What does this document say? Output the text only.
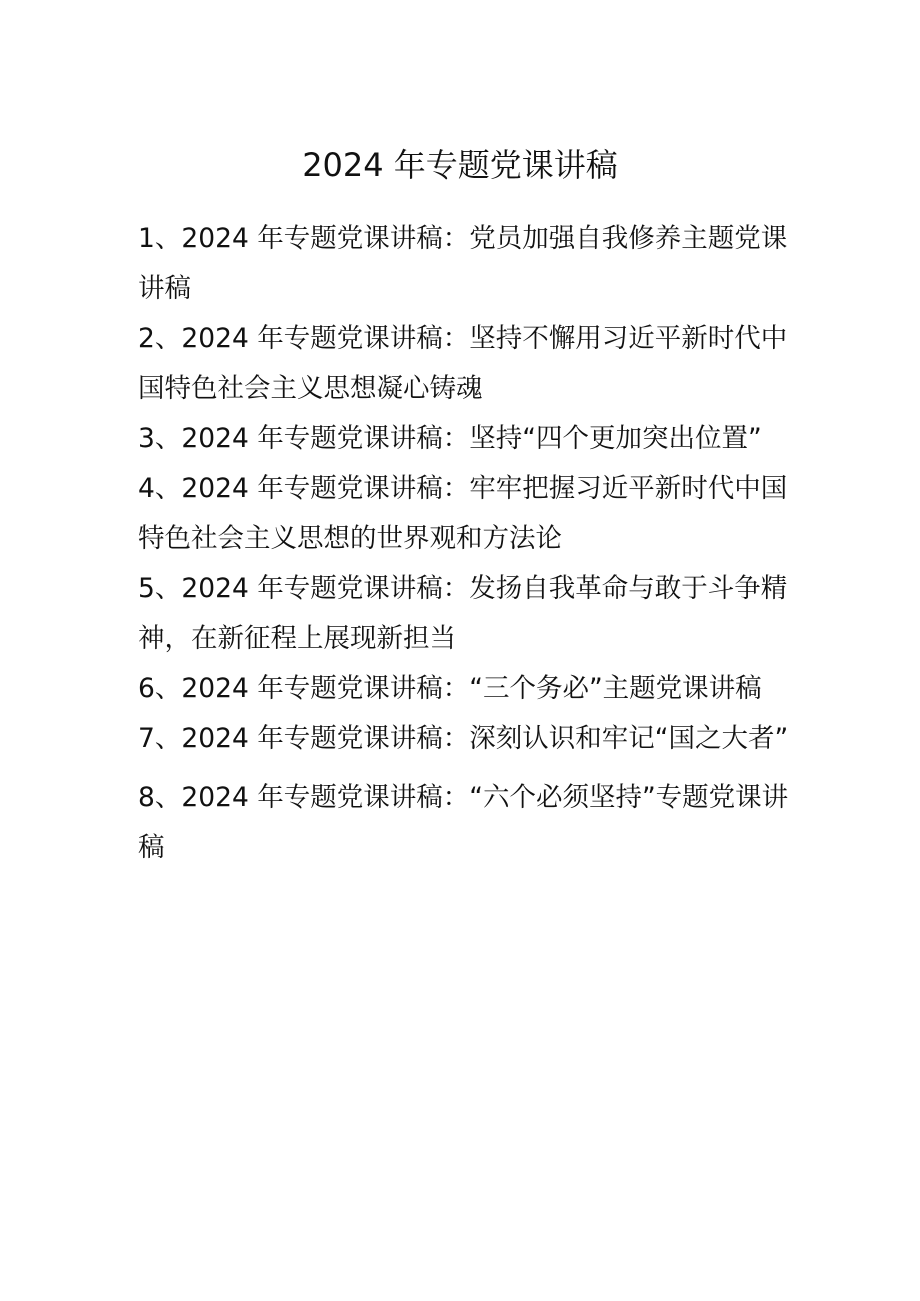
2024 年专题党课讲稿
1、2024 年专题党课讲稿：党员加强自我修养主题党课讲稿
2、2024 年专题党课讲稿：坚持不懈用习近平新时代中国特色社会主义思想凝心铸魂
3、2024 年专题党课讲稿：坚持“四个更加突出位置”
4、2024 年专题党课讲稿：牢牢把握习近平新时代中国特色社会主义思想的世界观和方法论
5、2024 年专题党课讲稿：发扬自我革命与敢于斗争精神，在新征程上展现新担当
6、2024 年专题党课讲稿：“三个务必”主题党课讲稿
7、2024 年专题党课讲稿：深刻认识和牢记“国之大者”
8、2024 年专题党课讲稿：“六个必须坚持”专题党课讲稿
